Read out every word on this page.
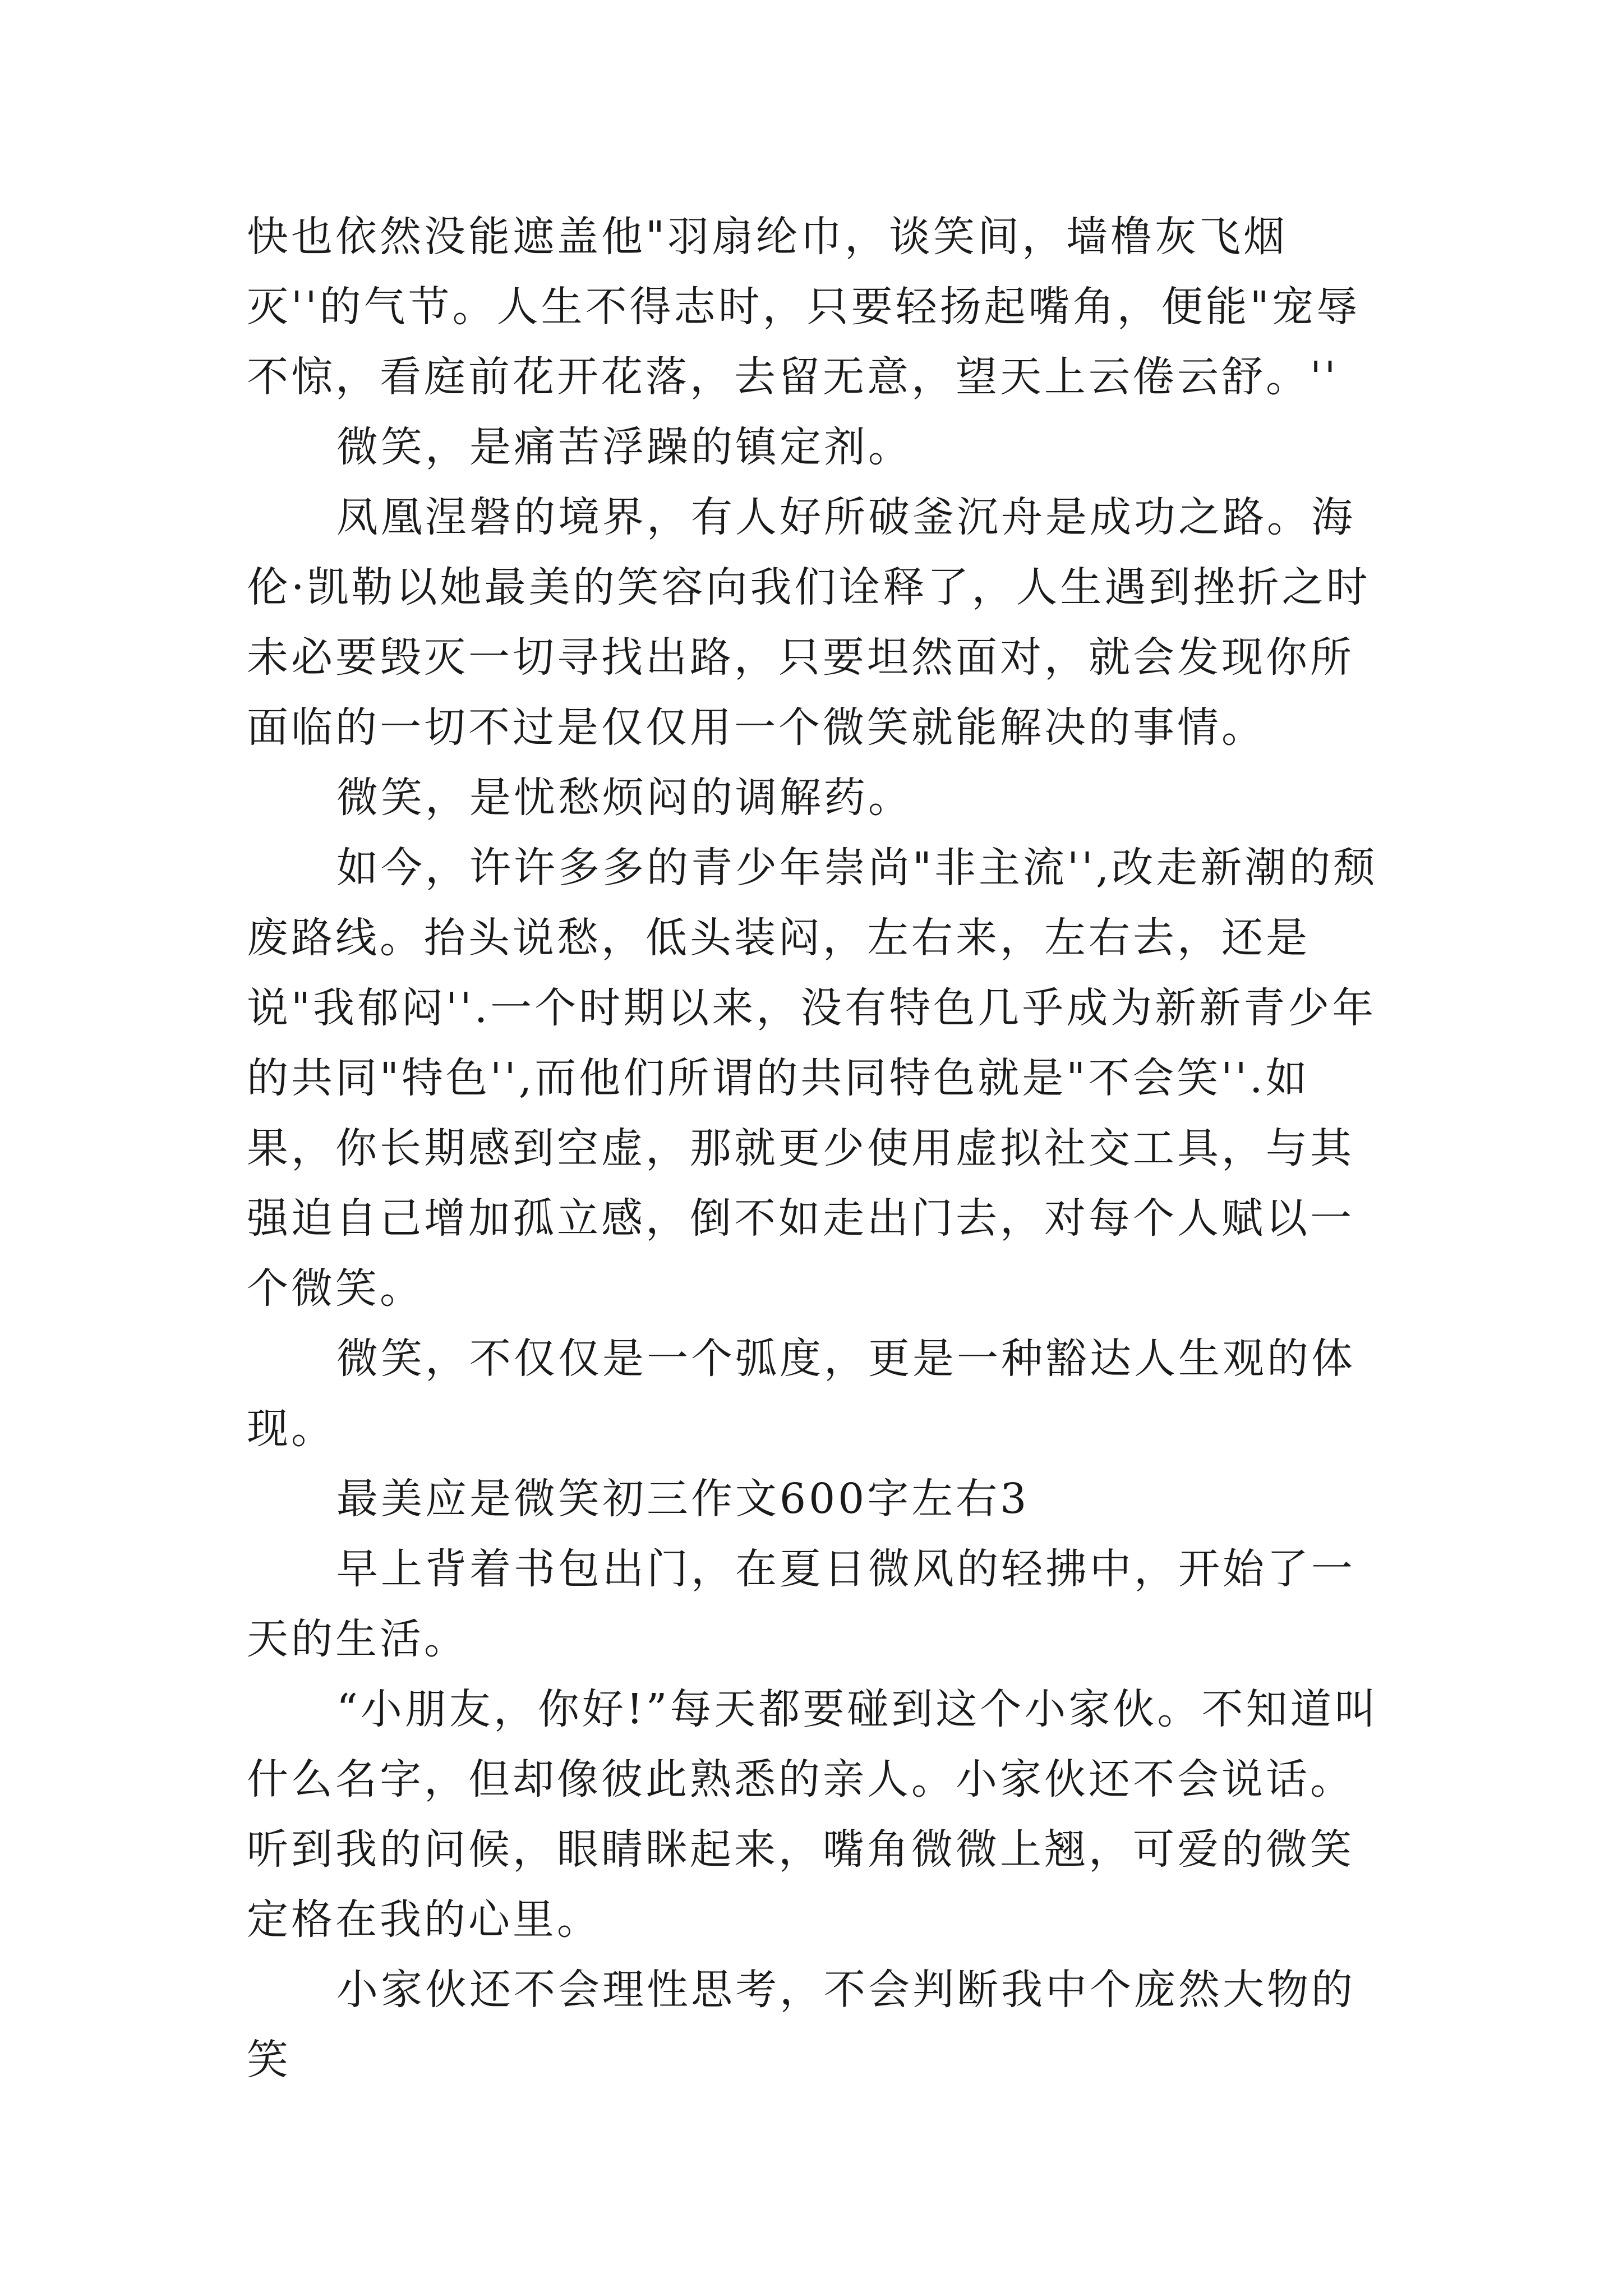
快也依然没能遮盖他"羽扇纶巾，谈笑间，墙橹灰飞烟灭''的气节。人生不得志时，只要轻扬起嘴角，便能"宠辱不惊，看庭前花开花落，去留无意，望天上云倦云舒。''

微笑，是痛苦浮躁的镇定剂。

凤凰涅磐的境界，有人好所破釜沉舟是成功之路。海伦·凯勒以她最美的笑容向我们诠释了，人生遇到挫折之时未必要毁灭一切寻找出路，只要坦然面对，就会发现你所面临的一切不过是仅仅用一个微笑就能解决的事情。

微笑，是忧愁烦闷的调解药。

如今，许许多多的青少年崇尚"非主流'',改走新潮的颓废路线。抬头说愁，低头装闷，左右来，左右去，还是说"我郁闷''.一个时期以来，没有特色几乎成为新新青少年的共同"特色'',而他们所谓的共同特色就是"不会笑''.如果，你长期感到空虚，那就更少使用虚拟社交工具，与其强迫自己增加孤立感，倒不如走出门去，对每个人赋以一个微笑。

微笑，不仅仅是一个弧度，更是一种豁达人生观的体现。

最美应是微笑初三作文600字左右3

早上背着书包出门，在夏日微风的轻拂中，开始了一天的生活。

“小朋友，你好!”每天都要碰到这个小家伙。不知道叫什么名字，但却像彼此熟悉的亲人。小家伙还不会说话。听到我的问候，眼睛眯起来，嘴角微微上翘，可爱的微笑定格在我的心里。

小家伙还不会理性思考，不会判断我中个庞然大物的笑
